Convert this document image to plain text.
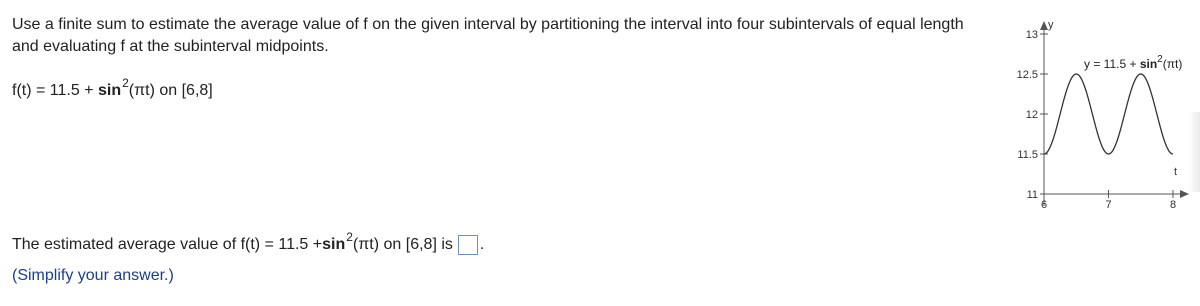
Use a finite sum to estimate the average value of f on the given interval by partitioning the interval into four subintervals of equal length and evaluating f at the subinterval midpoints.
$f(t) = 11.5 + \sin^2(\pi t)$ on [6,8]
y
t
11
11.5
12
12.5
13
6	7	8
$y = 11.5 + \sin^2(\pi t)$
The estimated average value of f(t) = 11.5 + sin 2 (πt) on [6,8] is .
(Simplify your answer.)
